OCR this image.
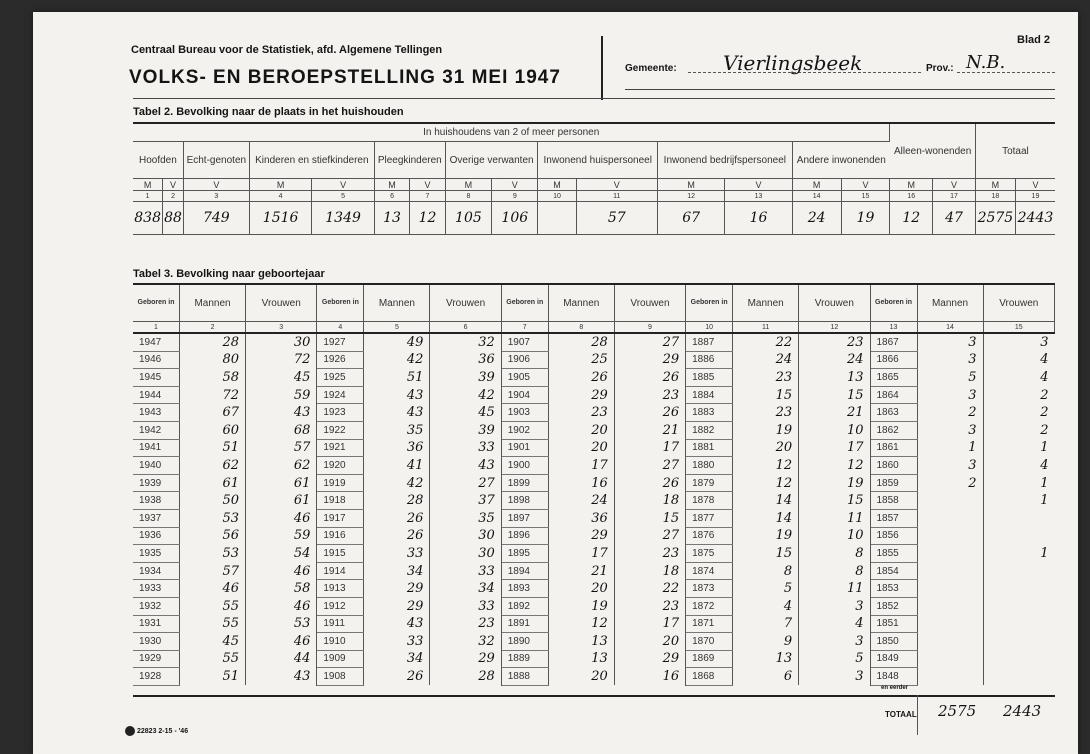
Centraal Bureau voor de Statistiek, afd. Algemene Tellingen
VOLKS- EN BEROEPSTELLING 31 MEI 1947
Blad 2
Gemeente: Vierlingsbeek	Prov.: N.B.
Tabel 2. Bevolking naar de plaats in het huishouden
In huishoudens van 2 of meer personen															Alleen-wonenden		Totaal	
Hoofden		Echt-genoten	Kinderen en stiefkinderen		Pleegkinderen		Overige verwanten		Inwonend huispersoneel		Inwonend bedrijfspersoneel		Andere inwonenden					
M	V	V	M	V	M	V	M	V	M	V	M	V	M	V	M	V	M	V
1	2	3	4	5	6	7	8	9	10	11	12	13	14	15	16	17	18	19
838	88	749	1516	1349	13	12	105	106		57	67	16	24	19	12	47	2575	2443
Tabel 3. Bevolking naar geboortejaar
Geboren in	Mannen	Vrouwen	Geboren in	Mannen	Vrouwen	Geboren in	Mannen	Vrouwen	Geboren in	Mannen	Vrouwen	Geboren in	Mannen	Vrouwen
1	2	3	4	5	6	7	8	9	10	11	12	13	14	15
1947	28	30	1927	49	32	1907	28	27	1887	22	23	1867	3	3
1946	80	72	1926	42	36	1906	25	29	1886	24	24	1866	3	4
1945	58	45	1925	51	39	1905	26	26	1885	23	13	1865	5	4
1944	72	59	1924	43	42	1904	29	23	1884	15	15	1864	3	2
1943	67	43	1923	43	45	1903	23	26	1883	23	21	1863	2	2
1942	60	68	1922	35	39	1902	20	21	1882	19	10	1862	3	2
1941	51	57	1921	36	33	1901	20	17	1881	20	17	1861	1	1
1940	62	62	1920	41	43	1900	17	27	1880	12	12	1860	3	4
1939	61	61	1919	42	27	1899	16	26	1879	12	19	1859	2	1
1938	50	61	1918	28	37	1898	24	18	1878	14	15	1858		1
1937	53	46	1917	26	35	1897	36	15	1877	14	11	1857		
1936	56	59	1916	26	30	1896	29	27	1876	19	10	1856		
1935	53	54	1915	33	30	1895	17	23	1875	15	8	1855		1
1934	57	46	1914	34	33	1894	21	18	1874	8	8	1854		
1933	46	58	1913	29	34	1893	20	22	1873	5	11	1853		
1932	55	46	1912	29	33	1892	19	23	1872	4	3	1852		
1931	55	53	1911	43	23	1891	12	17	1871	7	4	1851		
1930	45	46	1910	33	32	1890	13	20	1870	9	3	1850		
1929	55	44	1909	34	29	1889	13	29	1869	13	5	1849		
1928	51	43	1908	26	28	1888	20	16	1868	6	3	1848		
en eerder
TOTAAL 2575 2443
22823 2-15 - '46
